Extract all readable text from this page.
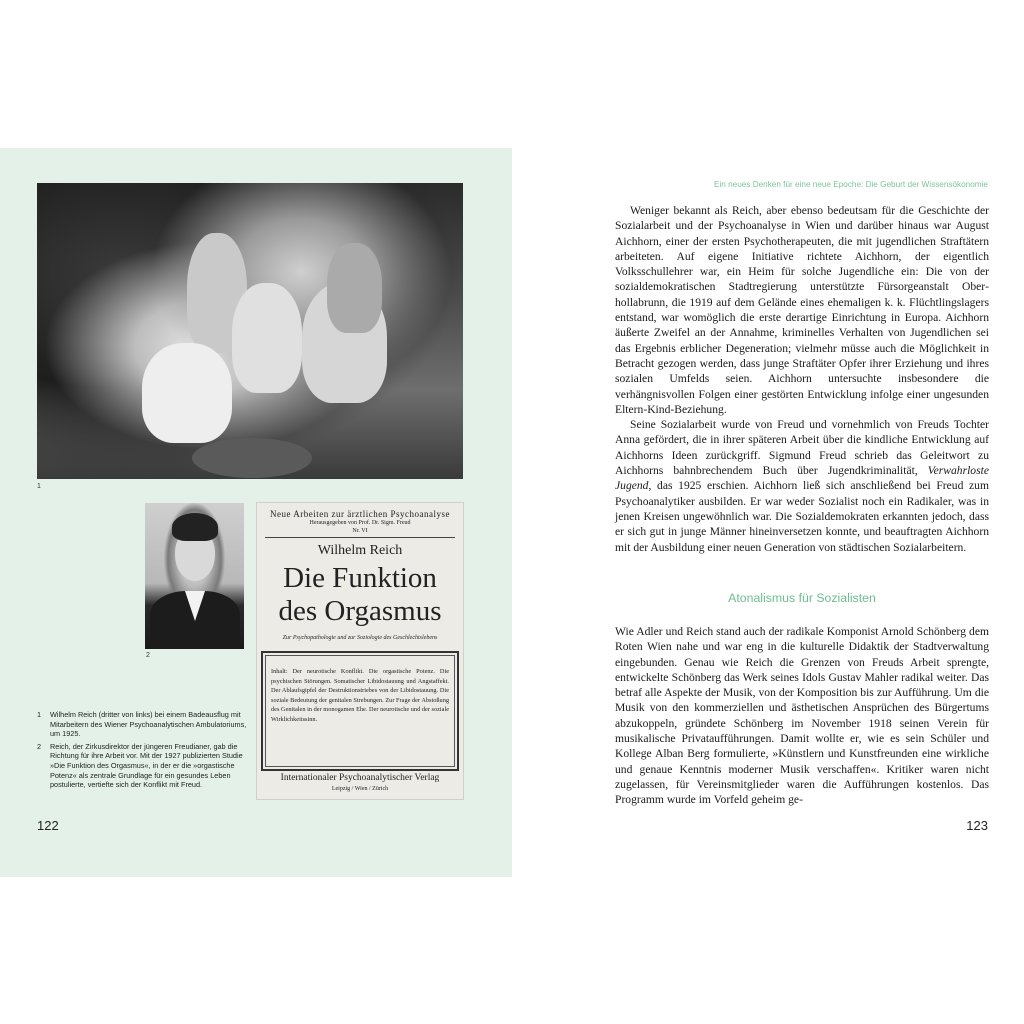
1
2
Neue Arbeiten zur ärztlichen Psychoanalyse
Herausgegeben von Prof. Dr. Sigm. Freud
Nr. VI
Wilhelm Reich
Die Funktion
des Orgasmus
Zur Psychopathologie und zur Soziologie des Geschlechtslebens
Inhalt: Der neurotische Konflikt. Die orgastische Potenz. Die psychischen Störungen. Somatischer Libidostauung und Angstaffekt. Der Ablaufsgipfel der Destruktionstriebes von der Libidostauung. Die soziale Bedeutung der genitalen Strebungen. Zur Frage der Abstoßung des Genitalen in der monogamen Ehe. Der neurotische und der soziale Wirklichkeitssinn.
Internationaler Psychoanalytischer Verlag
Leipzig / Wien / Zürich
1 Wilhelm Reich (dritter von links) bei einem Badeausflug mit Mitarbeitern des Wiener Psychoanalytischen Ambulatoriums, um 1925.
2 Reich, der Zirkusdirektor der jüngeren Freudianer, gab die Richtung für ihre Arbeit vor. Mit der 1927 publizierten Studie »Die Funktion des Orgasmus«, in der er die »orgastische Potenz« als zentrale Grundlage für ein gesundes Leben postulierte, vertiefte sich der Konflikt mit Freud.
122
Ein neues Denken für eine neue Epoche: Die Geburt der Wissensökonomie

Weniger bekannt als Reich, aber ebenso bedeutsam für die Geschichte der Sozialarbeit und der Psychoanalyse in Wien und darüber hinaus war August Aichhorn, einer der ersten Psychotherapeuten, die mit jugendlichen Straftätern arbeiteten. Auf eigene Initiative richtete Aichhorn, der eigentlich Volksschullehrer war, ein Heim für solche Jugendliche ein: Die von der sozialdemokratischen Stadtregierung unterstützte Fürsorgeanstalt Oberhollabrunn, die 1919 auf dem Gelände eines ehemaligen k. k. Flüchtlingslagers entstand, war womöglich die erste derartige Einrichtung in Europa. Aichhorn äußerte Zweifel an der Annahme, kriminelles Verhalten von Jugendlichen sei das Ergebnis erblicher Degeneration; vielmehr müsse auch die Möglichkeit in Betracht gezogen werden, dass junge Straftäter Opfer ihrer Erziehung und ihres sozialen Umfelds seien. Aichhorn untersuchte insbesondere die verhängnisvollen Folgen einer gestörten Entwicklung infolge einer ungesunden Eltern-Kind-Beziehung.

Seine Sozialarbeit wurde von Freud und vornehmlich von Freuds Tochter Anna gefördert, die in ihrer späteren Arbeit über die kindliche Entwicklung auf Aichhorns Ideen zurückgriff. Sigmund Freud schrieb das Geleitwort zu Aichhorns bahnbrechendem Buch über Jugendkriminalität, Verwahrloste Jugend, das 1925 erschien. Aichhorn ließ sich anschließend bei Freud zum Psychoanalytiker ausbilden. Er war weder Sozialist noch ein Radikaler, was in jenen Kreisen ungewöhnlich war. Die Sozialdemokraten erkannten jedoch, dass er sich gut in junge Männer hineinversetzen konnte, und beauftragten Aichhorn mit der Ausbildung einer neuen Generation von städtischen Sozialarbeitern.

Atonalismus für Sozialisten

Wie Adler und Reich stand auch der radikale Komponist Arnold Schönberg dem Roten Wien nahe und war eng in die kulturelle Didaktik der Stadtverwaltung eingebunden. Genau wie Reich die Grenzen von Freuds Arbeit sprengte, entwickelte Schönberg das Werk seines Idols Gustav Mahler radikal weiter. Das betraf alle Aspekte der Musik, von der Komposition bis zur Aufführung. Um die Musik von den kommerziellen und ästhetischen Ansprüchen des Bürgertums abzukoppeln, gründete Schönberg im November 1918 seinen Verein für musikalische Privataufführungen. Damit wollte er, wie es sein Schüler und Kollege Alban Berg formulierte, »Künstlern und Kunstfreunden eine wirkliche und genaue Kenntnis moderner Musik verschaffen«. Kritiker waren nicht zugelassen, für Vereinsmitglieder waren die Aufführungen kostenlos. Das Programm wurde im Vorfeld geheim ge-

123
